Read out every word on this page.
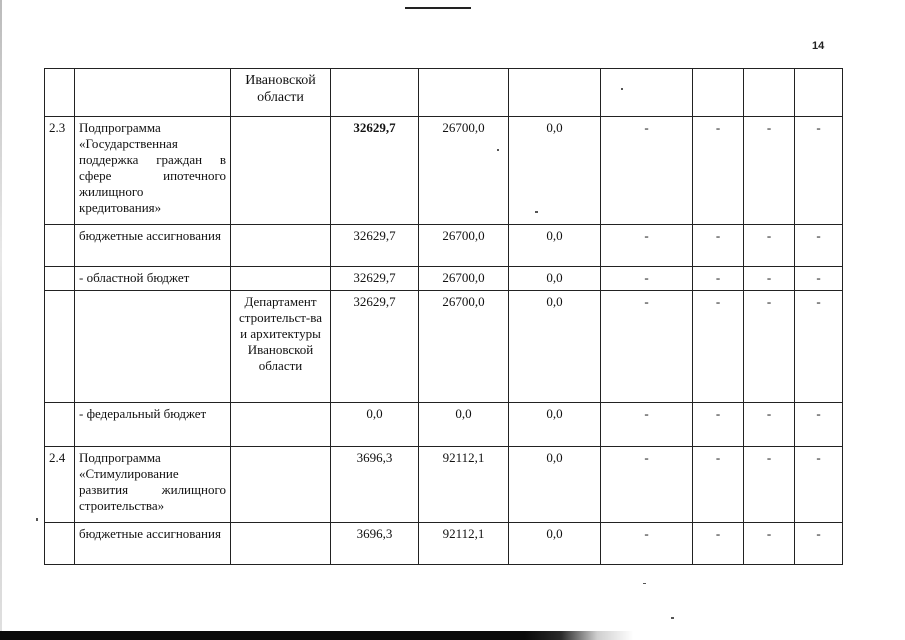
14
		Ивановской области							
2.3	Подпрограмма «Государственная поддержка граждан в сфере ипотечного жилищного кредитования»		32629,7	26700,0	0,0	-	-	-	-
	бюджетные ассигнования		32629,7	26700,0	0,0	-	-	-	-
	- областной бюджет		32629,7	26700,0	0,0	-	-	-	-
		Департамент строительст-ва и архитектуры Ивановской области	32629,7	26700,0	0,0	-	-	-	-
	- федеральный бюджет		0,0	0,0	0,0	-	-	-	-
2.4	Подпрограмма «Стимулирование развития жилищного строительства»		3696,3	92112,1	0,0	-	-	-	-
	бюджетные ассигнования		3696,3	92112,1	0,0	-	-	-	-
